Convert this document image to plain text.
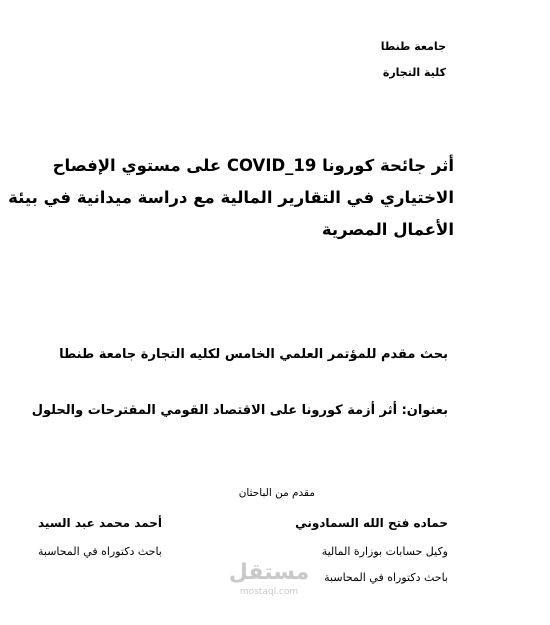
جامعة طنطا
كلية التجارة
أثر جائحة كورونا COVID_19 على مستوي الإفصاح
الاختياري في التقارير المالية مع دراسة ميدانية في بيئة
الأعمال المصرية
بحث مقدم للمؤتمر العلمي الخامس لكليه التجارة جامعة طنطا
بعنوان: أثر أزمة كورونا على الاقتصاد القومي المقترحات والحلول
مقدم من الباحثان
حماده فتح الله السمادوني
وكيل حسابات بوزارة المالية
باحث دكتوراه في المحاسبة
أحمد محمد عبد السيد
باحث دكتوراه في المحاسبة
مستقل
mostaql.com
